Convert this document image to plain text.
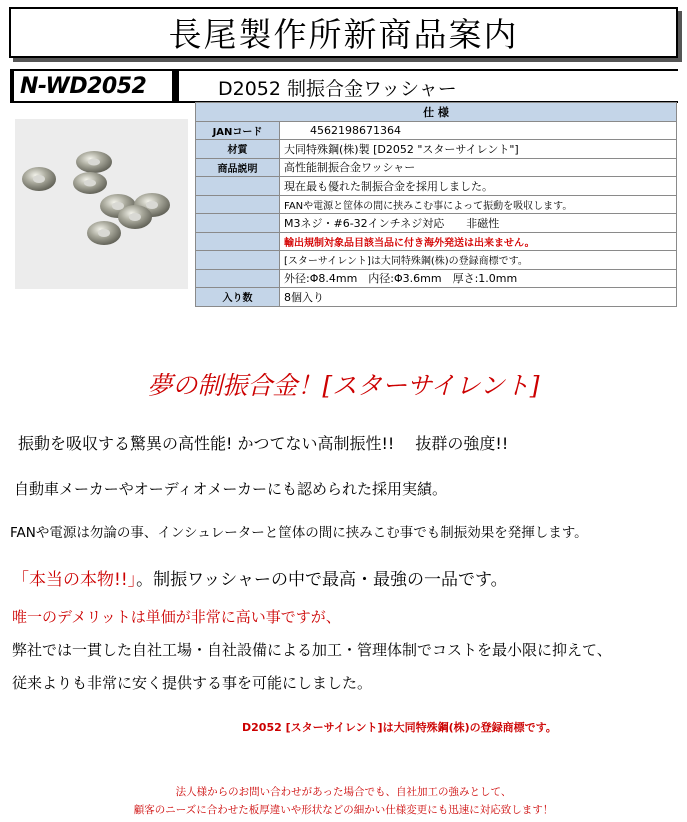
長尾製作所新商品案内
N-WD2052	D2052 制振合金ワッシャー
仕 様	
JANコード	4562198671364
材質	大同特殊鋼(株)製 [D2052 "スターサイレント"]
商品説明	高性能制振合金ワッシャー
	現在最も優れた制振合金を採用しました。
	FANや電源と筐体の間に挟みこむ事によって振動を吸収します。
	M3ネジ・#6-32インチネジ対応　　非磁性
	輸出規制対象品目該当品に付き海外発送は出来ません。
	[スターサイレント]は大同特殊鋼(株)の登録商標です。
	外径:Φ8.4mm　内径:Φ3.6mm　厚さ:1.0mm
入り数	8個入り
夢の制振合金！[スターサイレント]
振動を吸収する驚異の高性能! かつてない高制振性!!　 抜群の強度!!
自動車メーカーやオーディオメーカーにも認められた採用実績。
FANや電源は勿論の事、インシュレーターと筐体の間に挟みこむ事でも制振効果を発揮します。
「本当の本物!!」。制振ワッシャーの中で最高・最強の一品です。
唯一のデメリットは単価が非常に高い事ですが、
弊社では一貫した自社工場・自社設備による加工・管理体制でコストを最小限に抑えて、
従来よりも非常に安く提供する事を可能にしました。
D2052 [スターサイレント]は大同特殊鋼(株)の登録商標です。
法人様からのお問い合わせがあった場合でも、自社加工の強みとして、
顧客のニーズに合わせた板厚違いや形状などの細かい仕様変更にも迅速に対応致します！
